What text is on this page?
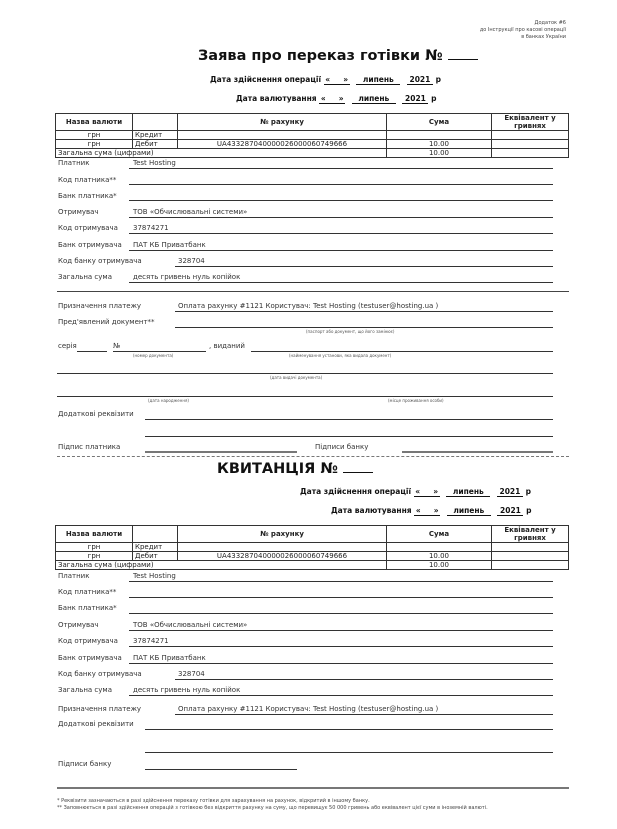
Додаток #6
до Інструкції про касові операції
в банках України
Заява про переказ готівки №
Дата здійснення операції « » липень 2021 р
Дата валютування « » липень 2021 р
Назва валюти		№ рахунку	Сума	Еквівалент у гривнях
грн	Кредит			
грн	Дебит	UA433287040000026000060749666	10.00	
Загальна сума (цифрами)			10.00	
Платник	Test Hosting
Код платника**
Банк платника*
Отримувач	ТОВ «Обчислювальні системи»
Код отримувача 37874271
Банк отримувача ПАТ КБ Приватбанк
Код банку отримувача	328704
Загальна сума	десять гривень нуль копійок
Призначення платежу	Оплата рахунку #1121 Користувач: Test Hosting (testuser@hosting.ua )
Пред'явлений документ**
(паспорт або документ, що його замінює)
серія	№
(номер документа)
, виданий
(найменування установи, яка видала документ)
(дата видачі документа)
(дата народження)	(місце проживання особи)
Додаткові реквізити
Підпис платника	Підписи банку
КВИТАНЦІЯ №
Дата здійснення операції « » липень 2021 р
Дата валютування « » липень 2021 р
Назва валюти		№ рахунку	Сума	Еквівалент у гривнях
грн	Кредит			
грн	Дебит	UA433287040000026000060749666	10.00	
Загальна сума (цифрами)			10.00	
Платник	Test Hosting
Код платника**
Банк платника*
Отримувач	ТОВ «Обчислювальні системи»
Код отримувача 37874271
Банк отримувача ПАТ КБ Приватбанк
Код банку отримувача	328704
Загальна сума	десять гривень нуль копійок
Призначення платежу	Оплата рахунку #1121 Користувач: Test Hosting (testuser@hosting.ua )
Додаткові реквізити
Підписи банку
* Реквізити зазначаються в разі здійснення переказу готівки для зарахування на рахунок, відкритий в іншому банку.
** Заповнюється в разі здійснення операцій з готівкою без відкриття рахунку на суму, що перевищує 50 000 гривень або еквівалент цієї суми в іноземній валюті.
